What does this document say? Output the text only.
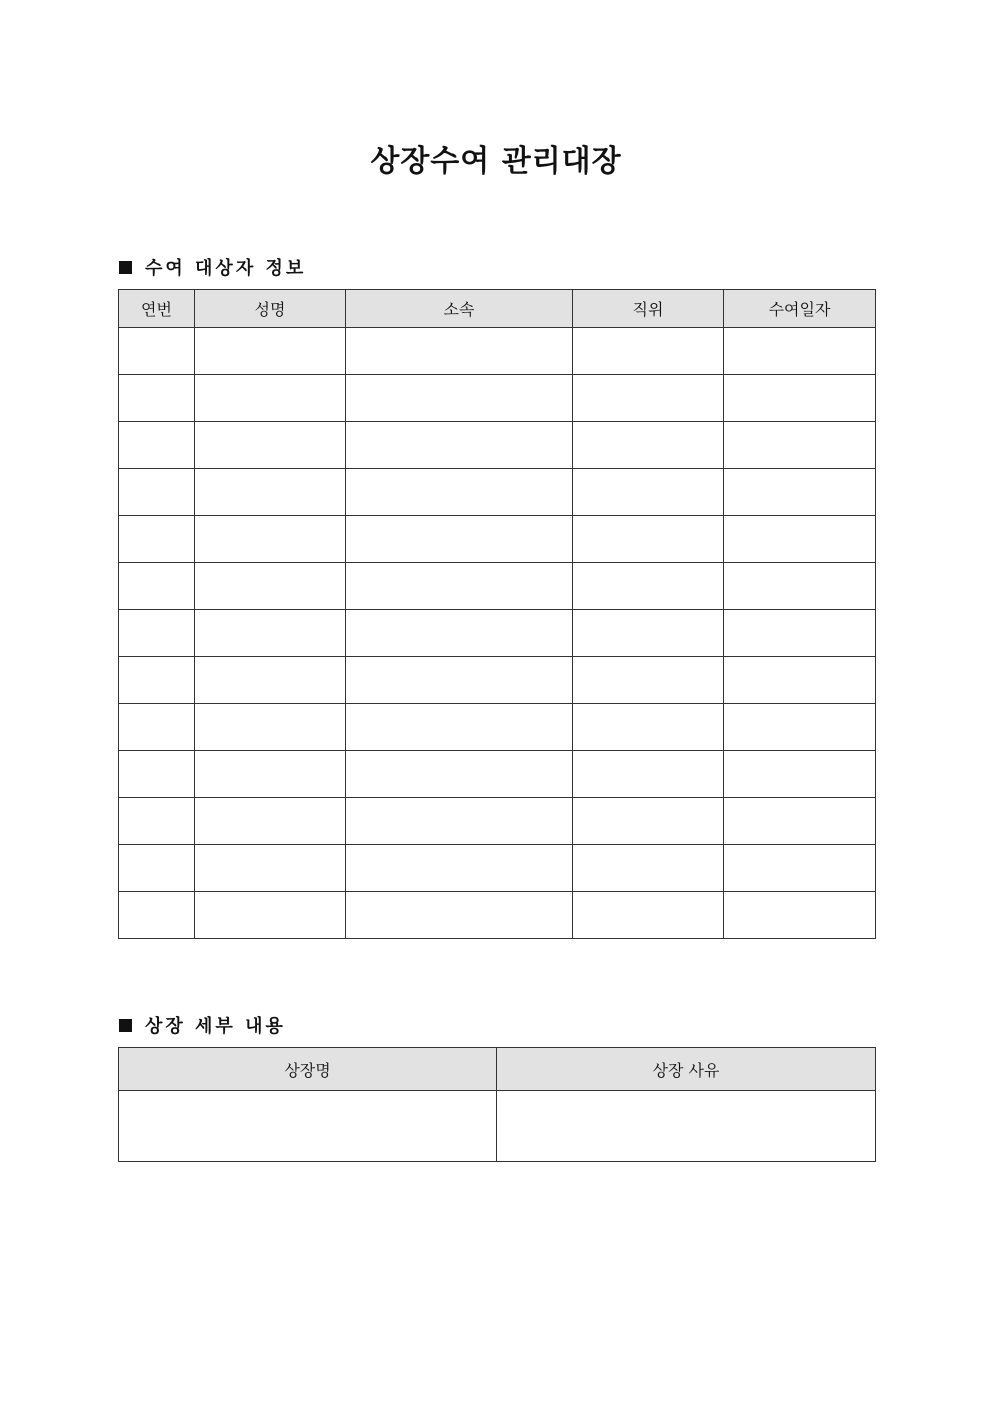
상장수여 관리대장
수여 대상자 정보
연번	성명	소속	직위	수여일자

상장 세부 내용
상장명	상장 사유
